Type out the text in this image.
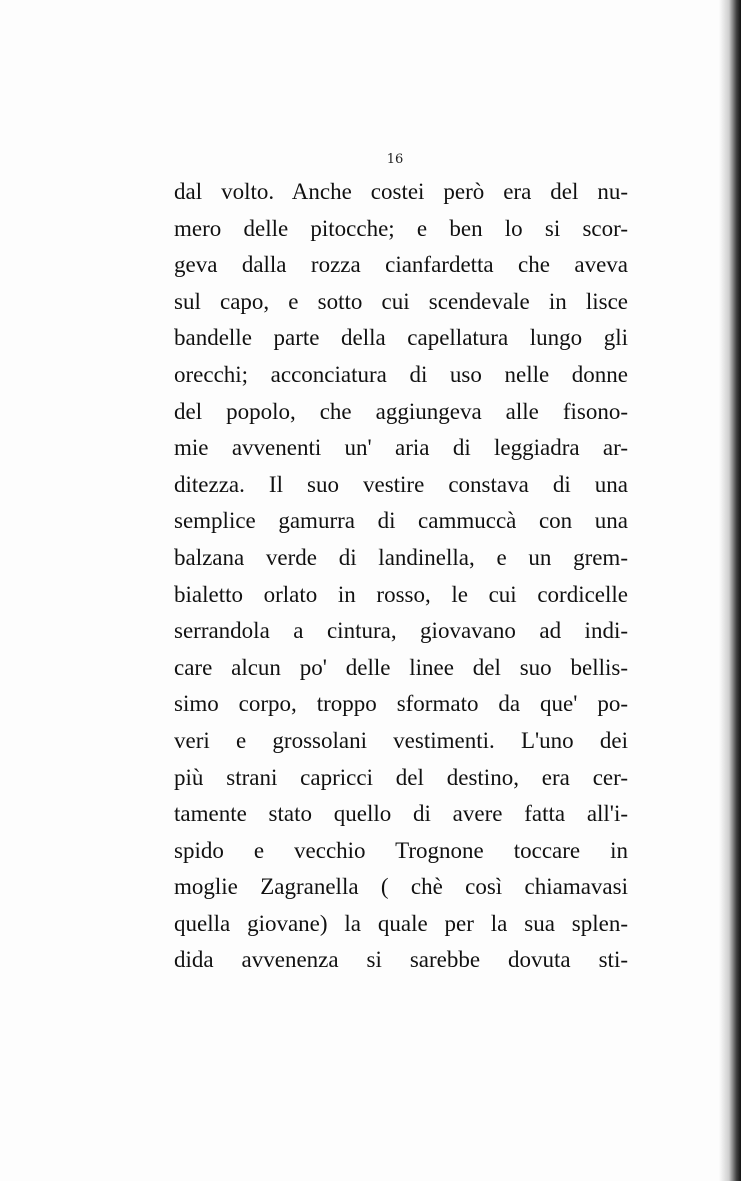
16
dal volto. Anche costei però era del nu-
mero delle pitocche; e ben lo si scor-
geva dalla rozza cianfardetta che aveva
sul capo, e sotto cui scendevale in lisce
bandelle parte della capellatura lungo gli
orecchi; acconciatura di uso nelle donne
del popolo, che aggiungeva alle fisono-
mie avvenenti un' aria di leggiadra ar-
ditezza. Il suo vestire constava di una
semplice gamurra di cammuccà con una
balzana verde di landinella, e un grem-
bialetto orlato in rosso, le cui cordicelle
serrandola a cintura, giovavano ad indi-
care alcun po' delle linee del suo bellis-
simo corpo, troppo sformato da que' po-
veri e grossolani vestimenti. L'uno dei
più strani capricci del destino, era cer-
tamente stato quello di avere fatta all'i-
spido e vecchio Trognone toccare in
moglie Zagranella ( chè così chiamavasi
quella giovane) la quale per la sua splen-
dida avvenenza si sarebbe dovuta sti-
